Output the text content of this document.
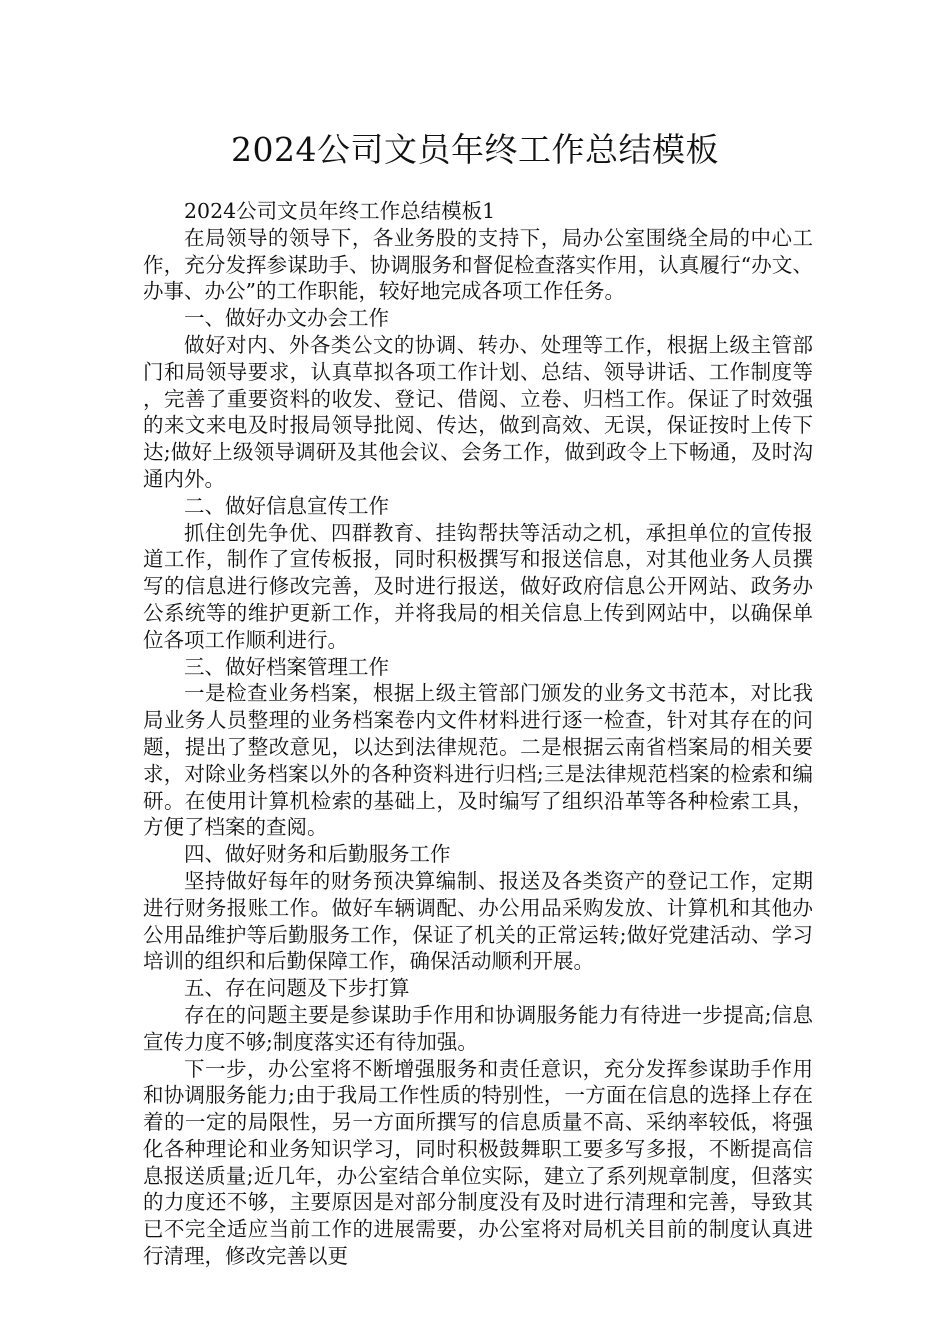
2024公司文员年终工作总结模板

2024公司文员年终工作总结模板1

在局领导的领导下，各业务股的支持下，局办公室围绕全局的中心工作，充分发挥参谋助手、协调服务和督促检查落实作用，认真履行“办文、办事、办公”的工作职能，较好地完成各项工作任务。

一、做好办文办会工作

做好对内、外各类公文的协调、转办、处理等工作，根据上级主管部门和局领导要求，认真草拟各项工作计划、总结、领导讲话、工作制度等，完善了重要资料的收发、登记、借阅、立卷、归档工作。保证了时效强的来文来电及时报局领导批阅、传达，做到高效、无误，保证按时上传下达;做好上级领导调研及其他会议、会务工作，做到政令上下畅通，及时沟通内外。

二、做好信息宣传工作

抓住创先争优、四群教育、挂钩帮扶等活动之机，承担单位的宣传报道工作，制作了宣传板报，同时积极撰写和报送信息，对其他业务人员撰写的信息进行修改完善，及时进行报送，做好政府信息公开网站、政务办公系统等的维护更新工作，并将我局的相关信息上传到网站中，以确保单位各项工作顺利进行。

三、做好档案管理工作

一是检查业务档案，根据上级主管部门颁发的业务文书范本，对比我局业务人员整理的业务档案卷内文件材料进行逐一检查，针对其存在的问题，提出了整改意见，以达到法律规范。二是根据云南省档案局的相关要求，对除业务档案以外的各种资料进行归档;三是法律规范档案的检索和编研。在使用计算机检索的基础上，及时编写了组织沿革等各种检索工具，方便了档案的查阅。

四、做好财务和后勤服务工作

坚持做好每年的财务预决算编制、报送及各类资产的登记工作，定期进行财务报账工作。做好车辆调配、办公用品采购发放、计算机和其他办公用品维护等后勤服务工作，保证了机关的正常运转;做好党建活动、学习培训的组织和后勤保障工作，确保活动顺利开展。

五、存在问题及下步打算

存在的问题主要是参谋助手作用和协调服务能力有待进一步提高;信息宣传力度不够;制度落实还有待加强。

下一步，办公室将不断增强服务和责任意识，充分发挥参谋助手作用和协调服务能力;由于我局工作性质的特别性，一方面在信息的选择上存在着的一定的局限性，另一方面所撰写的信息质量不高、采纳率较低，将强化各种理论和业务知识学习，同时积极鼓舞职工要多写多报，不断提高信息报送质量;近几年，办公室结合单位实际，建立了系列规章制度，但落实的力度还不够，主要原因是对部分制度没有及时进行清理和完善，导致其已不完全适应当前工作的进展需要，办公室将对局机关目前的制度认真进行清理，修改完善以更
